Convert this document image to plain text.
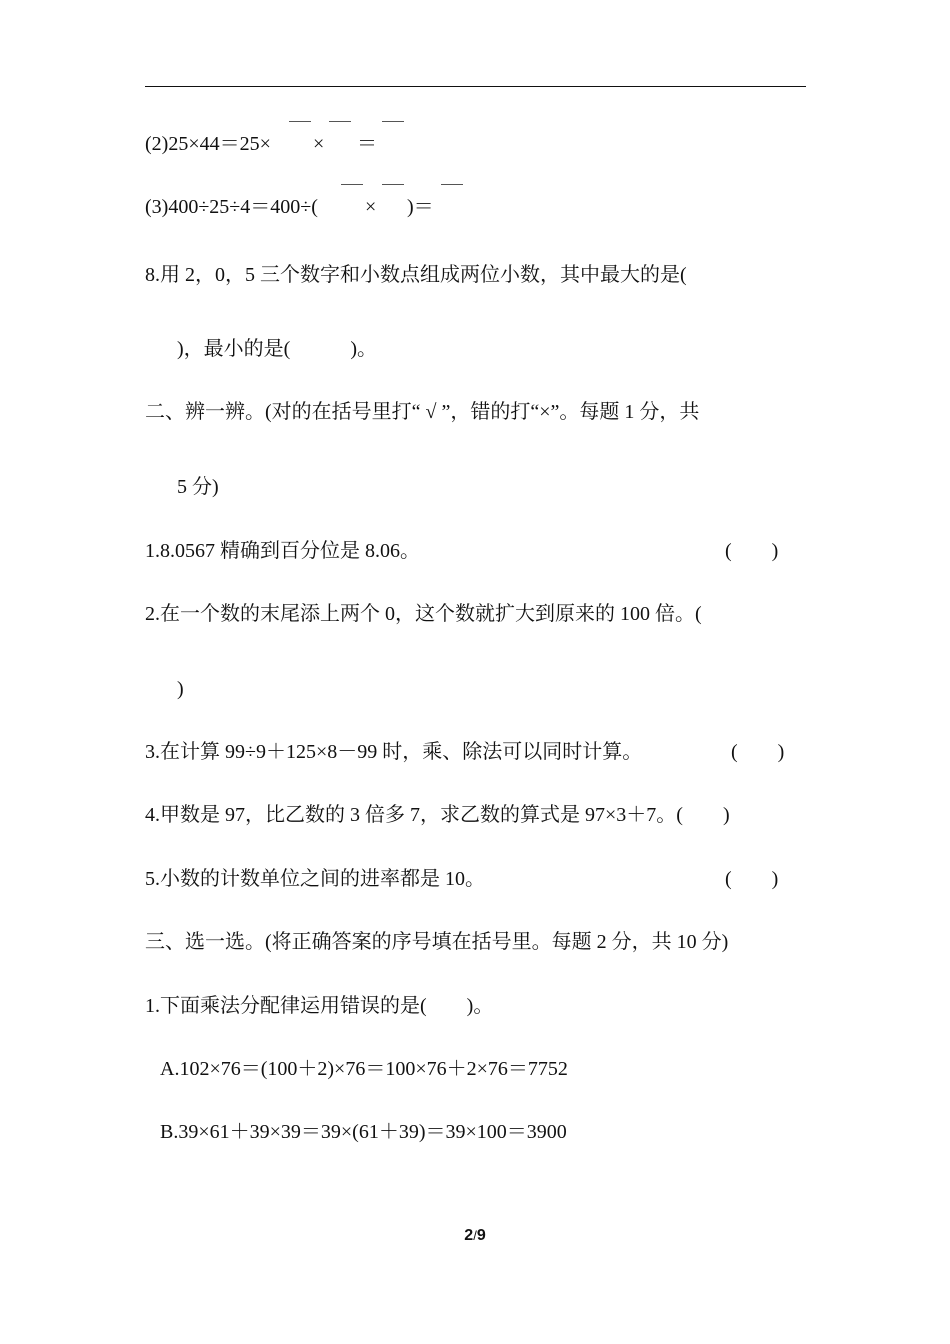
(2)25×44＝25× × ＝
(3)400÷25÷4＝400÷( × )＝
8.用 2，0，5 三个数字和小数点组成两位小数，其中最大的是(
)，最小的是(　　　)。
二、辨一辨。(对的在括号里打“ √ ”，错的打“×”。每题 1 分，共
5 分)
1.8.0567 精确到百分位是 8.06。	(　　)
2.在一个数的末尾添上两个 0，这个数就扩大到原来的 100 倍。(
)
3.在计算 99÷9＋125×8－99 时，乘、除法可以同时计算。	(　　)
4.甲数是 97，比乙数的 3 倍多 7，求乙数的算式是 97×3＋7。(　　)
5.小数的计数单位之间的进率都是 10。	(　　)
三、选一选。(将正确答案的序号填在括号里。每题 2 分，共 10 分)
1.下面乘法分配律运用错误的是(　　)。
A.102×76＝(100＋2)×76＝100×76＋2×76＝7752
B.39×61＋39×39＝39×(61＋39)＝39×100＝3900
2/9
